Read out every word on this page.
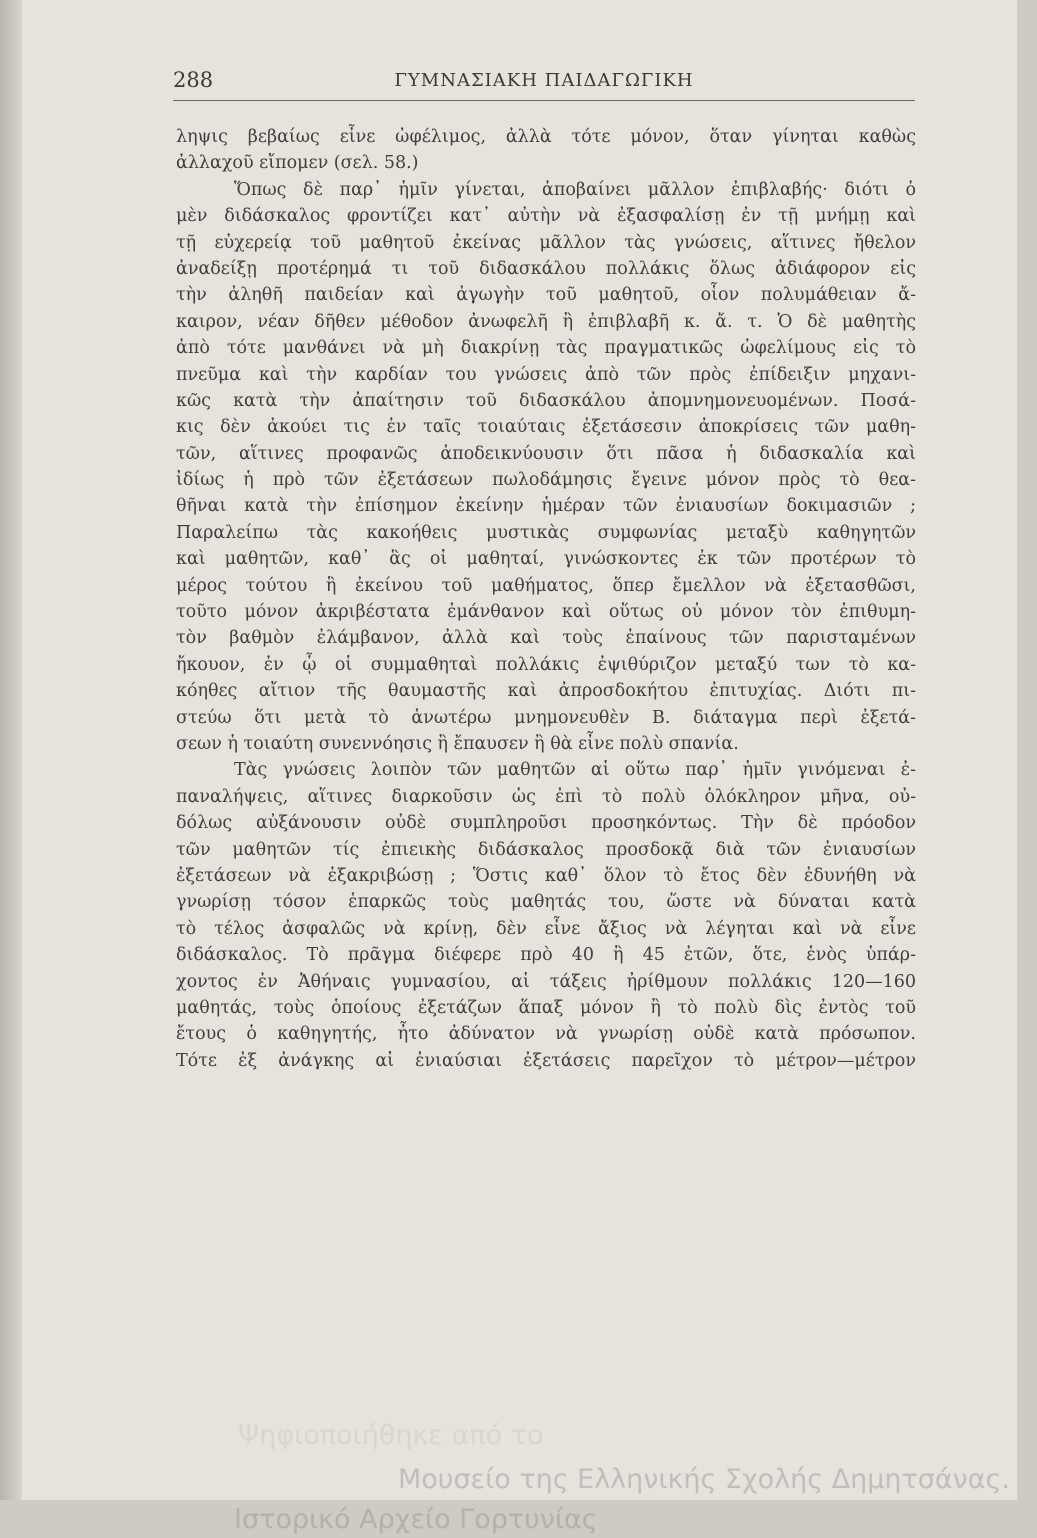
288	ΓΥΜΝΑΣΙΑΚΗ ΠΑΙΔΑΓΩΓΙΚΗ
ληψις βεβαίως εἶνε ὠφέλιμος, ἀλλὰ τότε μόνον, ὅταν γίνηται καθὼς
ἀλλαχοῦ εἴπομεν (σελ. 58.)
Ὅπως δὲ παρ᾽ ἡμῖν γίνεται, ἀποβαίνει μᾶλλον ἐπιβλαβής· διότι ὁ
μὲν διδάσκαλος φροντίζει κατ᾽ αὐτὴν νὰ ἐξασφαλίσῃ ἐν τῇ μνήμῃ καὶ
τῇ εὐχερείᾳ τοῦ μαθητοῦ ἐκείνας μᾶλλον τὰς γνώσεις, αἵτινες ἤθελον
ἀναδείξῃ προτέρημά τι τοῦ διδασκάλου πολλάκις ὅλως ἀδιάφορον εἰς
τὴν ἀληθῆ παιδείαν καὶ ἀγωγὴν τοῦ μαθητοῦ, οἷον πολυμάθειαν ἄ-
καιρον, νέαν δῆθεν μέθοδον ἀνωφελῆ ἢ ἐπιβλαβῆ κ. ἄ. τ. Ὁ δὲ μαθητὴς
ἀπὸ τότε μανθάνει νὰ μὴ διακρίνῃ τὰς πραγματικῶς ὠφελίμους εἰς τὸ
πνεῦμα καὶ τὴν καρδίαν του γνώσεις ἀπὸ τῶν πρὸς ἐπίδειξιν μηχανι-
κῶς κατὰ τὴν ἀπαίτησιν τοῦ διδασκάλου ἀπομνημονευομένων. Ποσά-
κις δὲν ἀκούει τις ἐν ταῖς τοιαύταις ἐξετάσεσιν ἀποκρίσεις τῶν μαθη-
τῶν, αἵτινες προφανῶς ἀποδεικνύουσιν ὅτι πᾶσα ἡ διδασκαλία καὶ
ἰδίως ἡ πρὸ τῶν ἐξετάσεων πωλοδάμησις ἔγεινε μόνον πρὸς τὸ θεα-
θῆναι κατὰ τὴν ἐπίσημον ἐκείνην ἡμέραν τῶν ἐνιαυσίων δοκιμασιῶν ;
Παραλείπω τὰς κακοήθεις μυστικὰς συμφωνίας μεταξὺ καθηγητῶν
καὶ μαθητῶν, καθ᾽ ἃς οἱ μαθηταί, γινώσκοντες ἐκ τῶν προτέρων τὸ
μέρος τούτου ἢ ἐκείνου τοῦ μαθήματος, ὅπερ ἔμελλον νὰ ἐξετασθῶσι,
τοῦτο μόνον ἀκριβέστατα ἐμάνθανον καὶ οὕτως οὐ μόνον τὸν ἐπιθυμη-
τὸν βαθμὸν ἐλάμβανον, ἀλλὰ καὶ τοὺς ἐπαίνους τῶν παρισταμένων
ἤκουον, ἐν ᾧ οἱ συμμαθηταὶ πολλάκις ἐψιθύριζον μεταξύ των τὸ κα-
κόηθες αἴτιον τῆς θαυμαστῆς καὶ ἀπροσδοκήτου ἐπιτυχίας. Διότι πι-
στεύω ὅτι μετὰ τὸ ἀνωτέρω μνημονευθὲν Β. διάταγμα περὶ ἐξετά-
σεων ἡ τοιαύτη συνεννόησις ἢ ἔπαυσεν ἢ θὰ εἶνε πολὺ σπανία.
Τὰς γνώσεις λοιπὸν τῶν μαθητῶν αἱ οὕτω παρ᾽ ἡμῖν γινόμεναι ἐ-
παναλήψεις, αἵτινες διαρκοῦσιν ὡς ἐπὶ τὸ πολὺ ὁλόκληρον μῆνα, οὐ-
δόλως αὐξάνουσιν οὐδὲ συμπληροῦσι προσηκόντως. Τὴν δὲ πρόοδον
τῶν μαθητῶν τίς ἐπιεικὴς διδάσκαλος προσδοκᾷ διὰ τῶν ἐνιαυσίων
ἐξετάσεων νὰ ἐξακριβώσῃ ; Ὅστις καθ᾽ ὅλον τὸ ἔτος δὲν ἐδυνήθη νὰ
γνωρίσῃ τόσον ἐπαρκῶς τοὺς μαθητάς του, ὥστε νὰ δύναται κατὰ
τὸ τέλος ἀσφαλῶς νὰ κρίνῃ, δὲν εἶνε ἄξιος νὰ λέγηται καὶ νὰ εἶνε
διδάσκαλος. Τὸ πρᾶγμα διέφερε πρὸ 40 ἢ 45 ἐτῶν, ὅτε, ἑνὸς ὑπάρ-
χοντος ἐν Ἀθήναις γυμνασίου, αἱ τάξεις ἠρίθμουν πολλάκις 120—160
μαθητάς, τοὺς ὁποίους ἐξετάζων ἅπαξ μόνον ἢ τὸ πολὺ δὶς ἐντὸς τοῦ
ἔτους ὁ καθηγητής, ἦτο ἀδύνατον νὰ γνωρίσῃ οὐδὲ κατὰ πρόσωπον.
Τότε ἐξ ἀνάγκης αἱ ἐνιαύσιαι ἐξετάσεις παρεῖχον τὸ μέτρον—μέτρον
Ψηφιοποιήθηκε από το
Μουσείο της Ελληνικής Σχολής Δημητσάνας.
Ιστορικό Αρχείο Γορτυνίας
